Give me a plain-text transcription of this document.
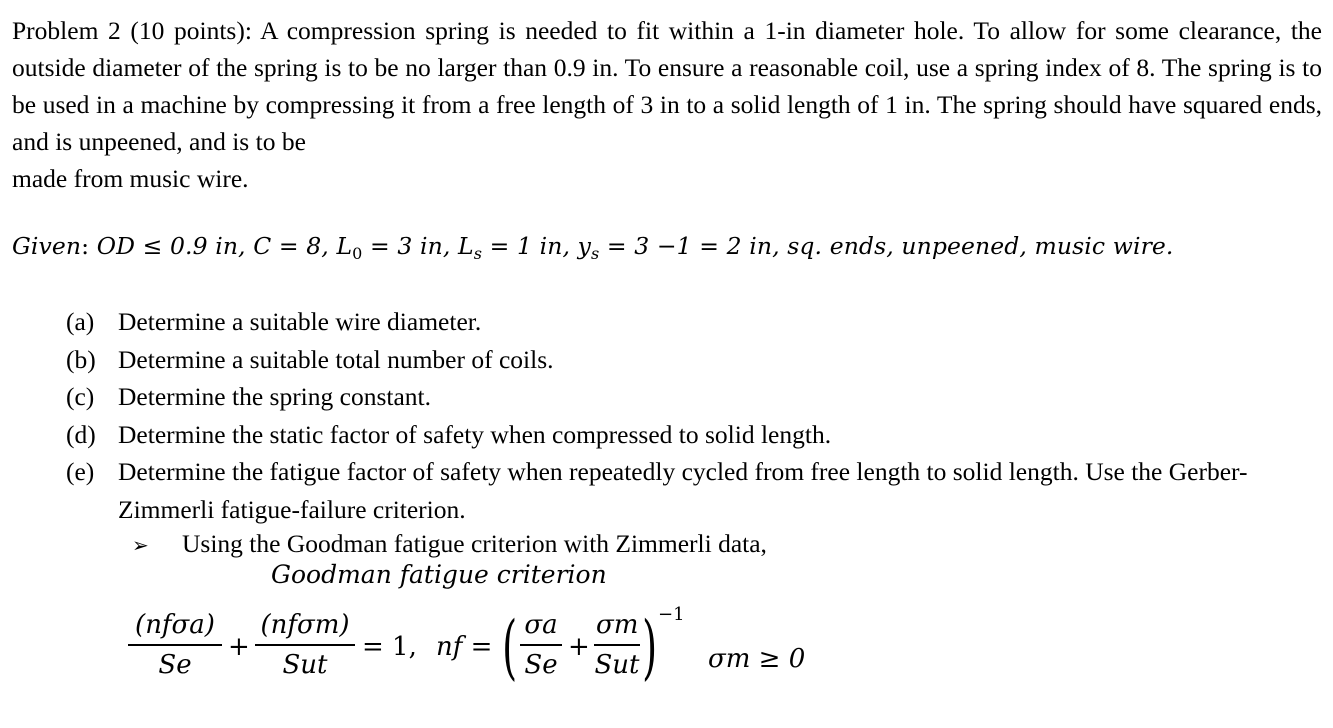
Problem 2 (10 points): A compression spring is needed to fit within a 1-in diameter hole. To allow for some clearance, the outside diameter of the spring is to be no larger than 0.9 in. To ensure a reasonable coil, use a spring index of 8. The spring is to be used in a machine by compressing it from a free length of 3 in to a solid length of 1 in. The spring should have squared ends, and is unpeened, and is to be
made from music wire.
Given: OD ≤ 0.9 in, C = 8, $L_0 = 3$ in, $L_s = 1$ in, $y_s = 3 -1 = 2$ in, sq. ends, unpeened, music wire.
(a) Determine a suitable wire diameter.
(b) Determine a suitable total number of coils.
(c) Determine the spring constant.
(d) Determine the static factor of safety when compressed to solid length.
(e) Determine the fatigue factor of safety when repeatedly cycled from free length to solid length. Use the Gerber-Zimmerli fatigue-failure criterion.
➢ Using the Goodman fatigue criterion with Zimmerli data,
Goodman fatigue criterion
(nfσa)
Se
+
(nfσm)
Sut
= 1, nf = ( $\frac{\sigma a}{Se}$ +
σm
Sut ) −1
σm ≥ 0
